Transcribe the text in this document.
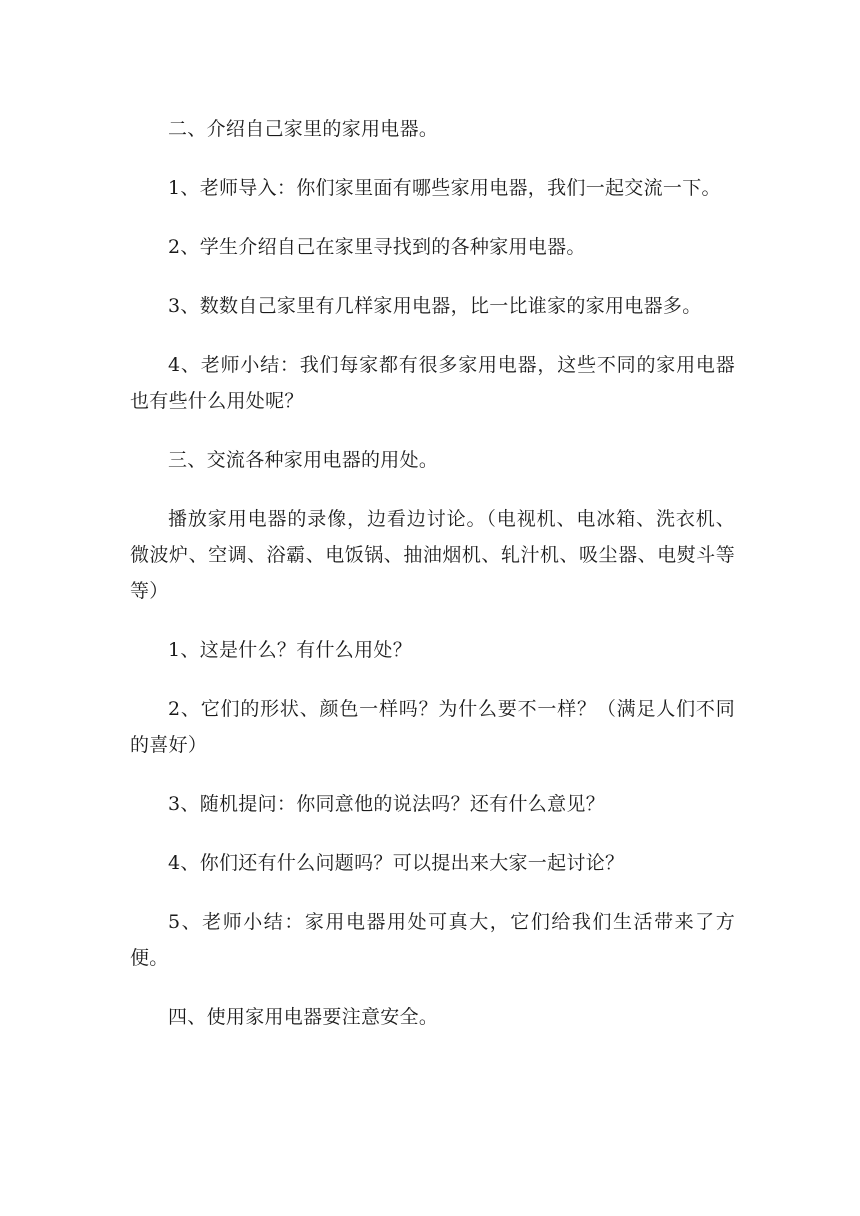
二、介绍自己家里的家用电器。

1、老师导入：你们家里面有哪些家用电器，我们一起交流一下。

2、学生介绍自己在家里寻找到的各种家用电器。

3、数数自己家里有几样家用电器，比一比谁家的家用电器多。

4、老师小结：我们每家都有很多家用电器，这些不同的家用电器也有些什么用处呢？

三、交流各种家用电器的用处。

播放家用电器的录像，边看边讨论。（电视机、电冰箱、洗衣机、微波炉、空调、浴霸、电饭锅、抽油烟机、轧汁机、吸尘器、电熨斗等等）

1、这是什么？有什么用处？

2、它们的形状、颜色一样吗？为什么要不一样？（满足人们不同的喜好）

3、随机提问：你同意他的说法吗？还有什么意见？

4、你们还有什么问题吗？可以提出来大家一起讨论？

5、老师小结：家用电器用处可真大，它们给我们生活带来了方便。

四、使用家用电器要注意安全。
